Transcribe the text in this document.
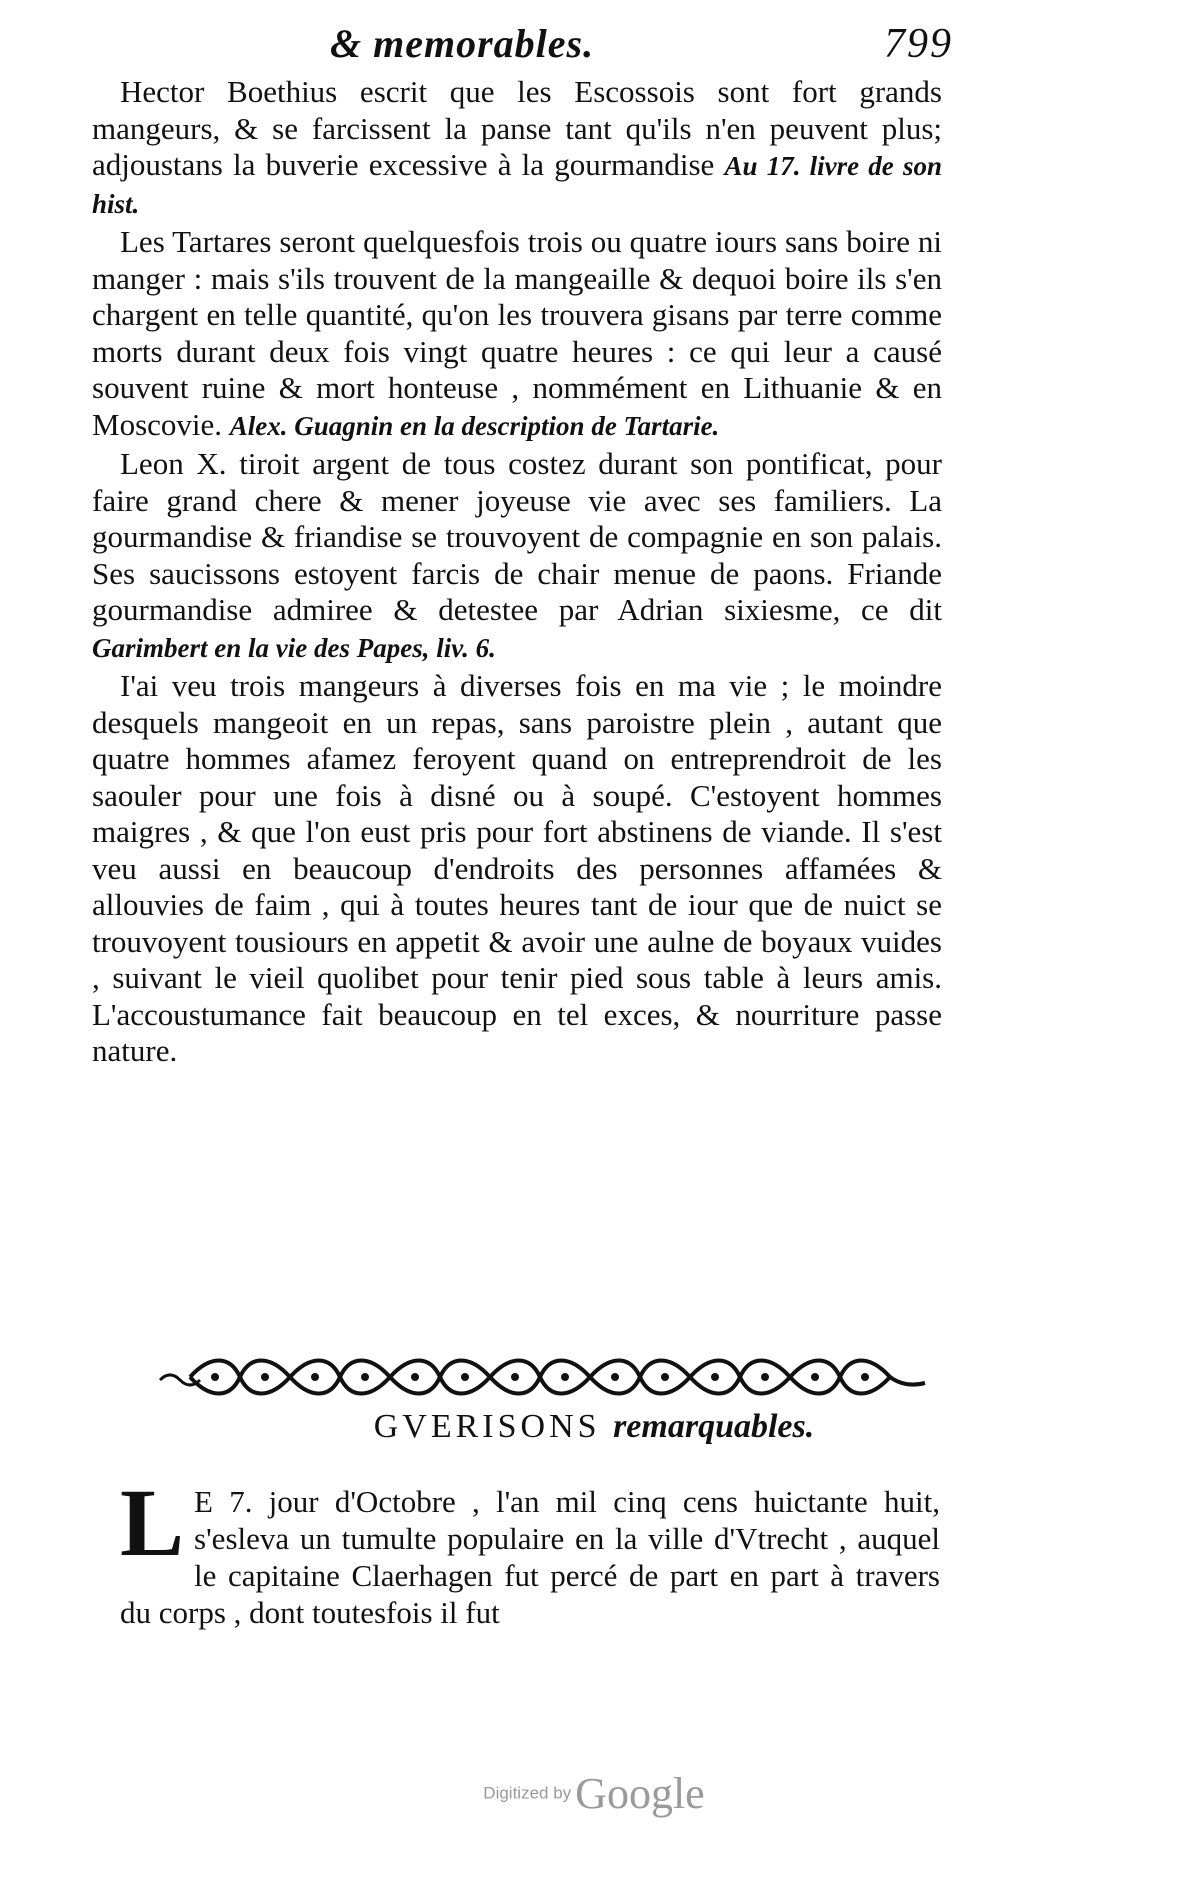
& memorables.	799

Hector Boethius escrit que les Escossois sont fort grands mangeurs, & se farcissent la panse tant qu'ils n'en peuvent plus; adjoustans la buverie excessive à la gourmandise Au 17. livre de son hist.

Les Tartares seront quelquesfois trois ou quatre iours sans boire ni manger : mais s'ils trouvent de la mangeaille & dequoi boire ils s'en chargent en telle quantité, qu'on les trouvera gisans par terre comme morts durant deux fois vingt quatre heures : ce qui leur a causé souvent ruine & mort honteuse , nommément en Lithuanie & en Moscovie. Alex. Guagnin en la description de Tartarie.

Leon X. tiroit argent de tous costez durant son pontificat, pour faire grand chere & mener joyeuse vie avec ses familiers. La gourmandise & friandise se trouvoyent de compagnie en son palais. Ses saucissons estoyent farcis de chair menue de paons. Friande gourmandise admiree & detestee par Adrian sixiesme, ce dit Garimbert en la vie des Papes, liv. 6.

I'ai veu trois mangeurs à diverses fois en ma vie ; le moindre desquels mangeoit en un repas, sans paroistre plein , autant que quatre hommes afamez feroyent quand on entreprendroit de les saouler pour une fois à disné ou à soupé. C'estoyent hommes maigres , & que l'on eust pris pour fort abstinens de viande. Il s'est veu aussi en beaucoup d'endroits des personnes affamées & allouvies de faim , qui à toutes heures tant de iour que de nuict se trouvoyent tousiours en appetit & avoir une aulne de boyaux vuides , suivant le vieil quolibet pour tenir pied sous table à leurs amis. L'accoustumance fait beaucoup en tel exces, & nourriture passe nature.

GVERISONS remarquables.
L E 7. jour d'Octobre , l'an mil cinq cens huictante huit, s'esleva un tumulte populaire en la ville d'Vtrecht , auquel le capitaine Claerhagen fut percé de part en part à travers du corps , dont toutesfois il fut
Digitized by Google
